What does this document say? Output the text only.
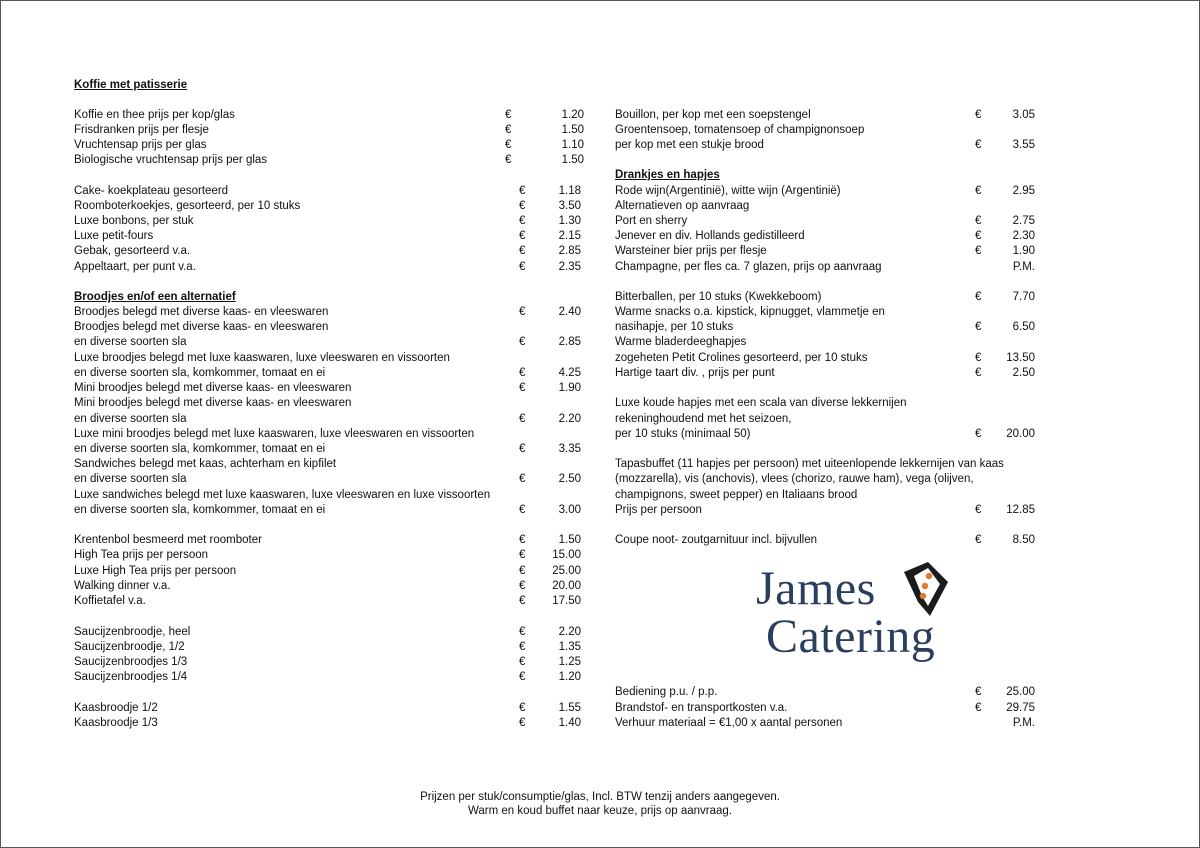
Koffie met patisserie
Koffie en thee prijs per kop/glas	€	1.20
Frisdranken prijs per flesje	€	1.50
Vruchtensap prijs per glas	€	1.10
Biologische vruchtensap prijs per glas	€	1.50
Cake- koekplateau gesorteerd	€	1.18
Roomboterkoekjes, gesorteerd, per 10 stuks	€	3.50
Luxe bonbons, per stuk	€	1.30
Luxe petit-fours	€	2.15
Gebak, gesorteerd v.a.	€	2.85
Appeltaart, per punt v.a.	€	2.35
Broodjes en/of een alternatief
Broodjes belegd met diverse kaas- en vleeswaren	€	2.40
Broodjes belegd met diverse kaas- en vleeswaren
en diverse soorten sla	€	2.85
Luxe broodjes belegd met luxe kaaswaren, luxe vleeswaren en vissoorten
en diverse soorten sla, komkommer, tomaat en ei	€	4.25
Mini broodjes belegd met diverse kaas- en vleeswaren	€	1.90
Mini broodjes belegd met diverse kaas- en vleeswaren
en diverse soorten sla	€	2.20
Luxe mini broodjes belegd met luxe kaaswaren, luxe vleeswaren en vissoorten
en diverse soorten sla, komkommer, tomaat en ei	€	3.35
Sandwiches belegd met kaas, achterham en kipfilet
en diverse soorten sla	€	2.50
Luxe sandwiches belegd met luxe kaaswaren, luxe vleeswaren en luxe vissoorten
en diverse soorten sla, komkommer, tomaat en ei	€	3.00
Krentenbol besmeerd met roomboter	€	1.50
High Tea prijs per persoon	€	15.00
Luxe High Tea prijs per persoon	€	25.00
Walking dinner v.a.	€	20.00
Koffietafel v.a.	€	17.50
Saucijzenbroodje, heel	€	2.20
Saucijzenbroodje, 1/2	€	1.35
Saucijzenbroodjes 1/3	€	1.25
Saucijzenbroodjes 1/4	€	1.20
Kaasbroodje 1/2	€	1.55
Kaasbroodje 1/3	€	1.40
Bouillon, per kop met een soepstengel	€	3.05
Groentensoep, tomatensoep of champignonsoep
per kop met een stukje brood	€	3.55
Drankjes en hapjes
Rode wijn(Argentinië), witte wijn (Argentinië)	€	2.95
Alternatieven op aanvraag
Port en sherry	€	2.75
Jenever en div. Hollands gedistilleerd	€	2.30
Warsteiner bier prijs per flesje	€	1.90
Champagne, per fles ca. 7 glazen, prijs op aanvraag	P.M.
Bitterballen, per 10 stuks (Kwekkeboom)	€	7.70
Warme snacks o.a. kipstick, kipnugget, vlammetje en
nasihapje, per 10 stuks	€	6.50
Warme bladerdeeghapjes
zogeheten Petit Crolines gesorteerd, per 10 stuks	€	13.50
Hartige taart div. , prijs per punt	€	2.50
Luxe koude hapjes met een scala van diverse lekkernijen
rekeninghoudend met het seizoen,
per 10 stuks (minimaal 50)	€	20.00
Tapasbuffet (11 hapjes per persoon) met uiteenlopende lekkernijen van kaas
(mozzarella), vis (anchovis), vlees (chorizo, rauwe ham), vega (olijven,
champignons, sweet pepper) en Italiaans brood
Prijs per persoon	€	12.85
Coupe noot- zoutgarnituur incl. bijvullen	€	8.50
Bediening p.u. / p.p.	€	25.00
Brandstof- en transportkosten v.a.	€	29.75
Verhuur materiaal = €1,00 x aantal personen	P.M.
James
Catering
Prijzen per stuk/consumptie/glas, Incl. BTW tenzij anders aangegeven.
Warm en koud buffet naar keuze, prijs op aanvraag.
